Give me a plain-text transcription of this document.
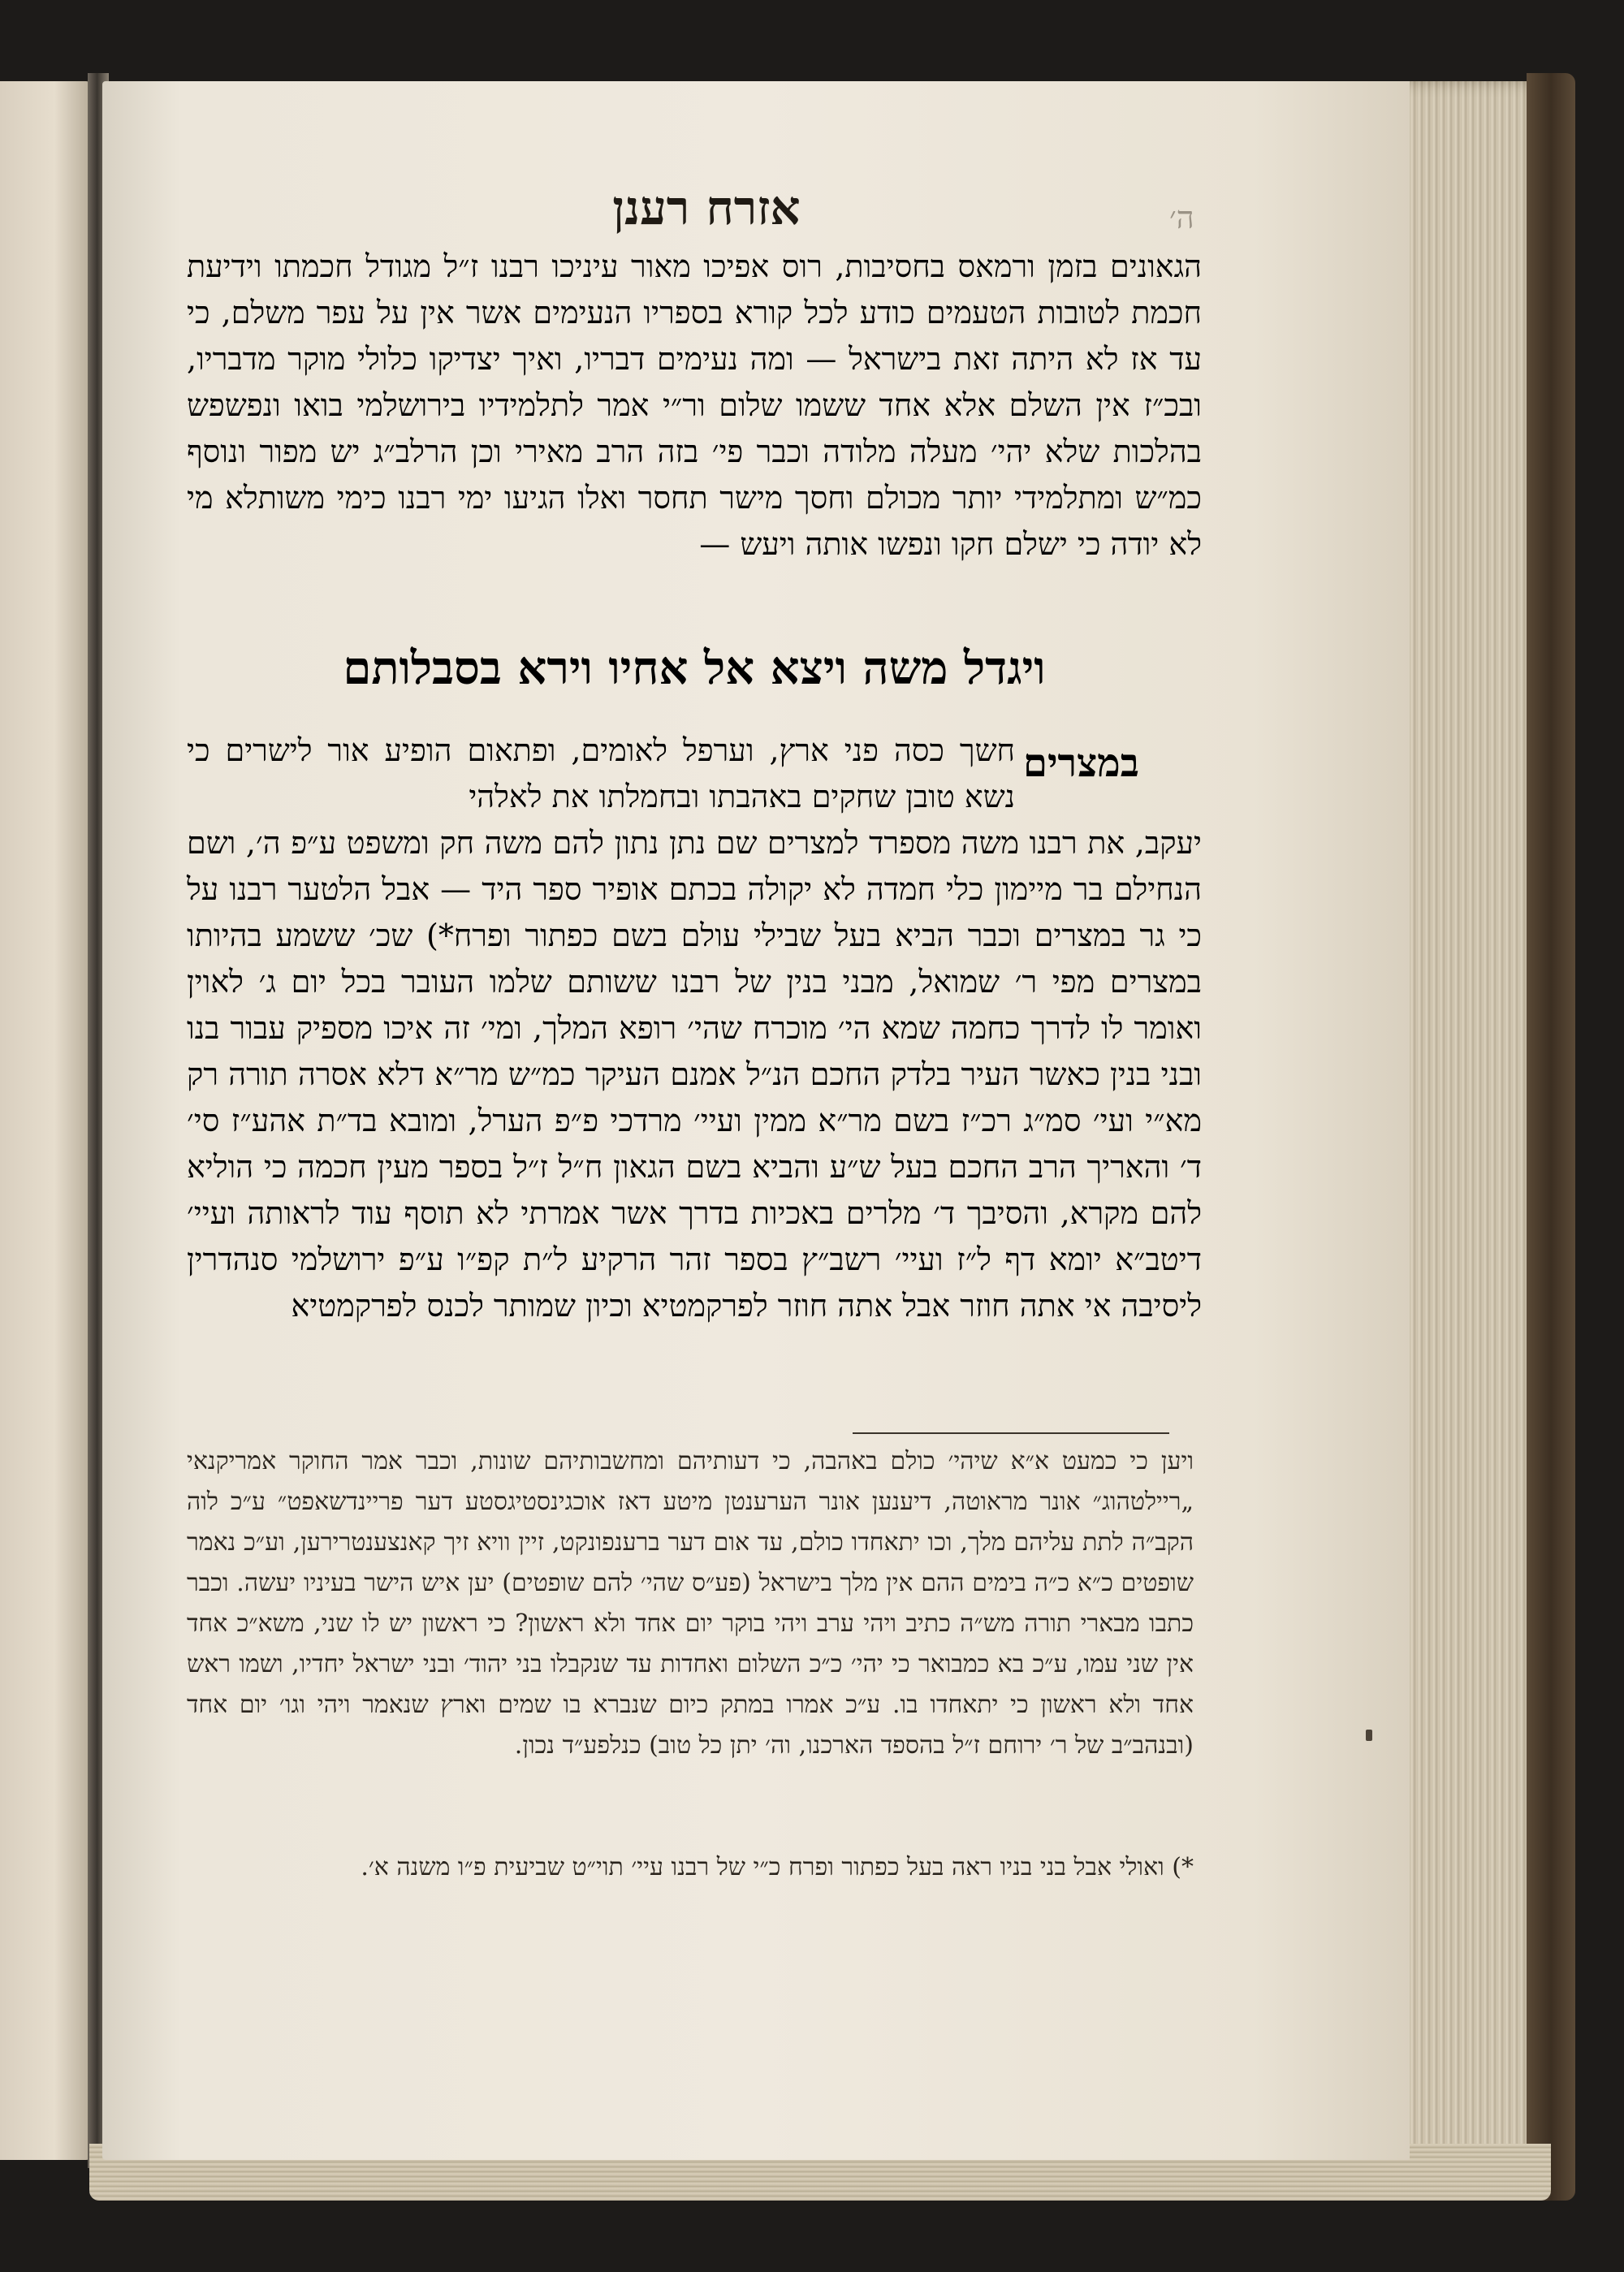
ה׳
אזרח רענן
הגאונים בזמן ורמאס בחסיבות, רוס אפיכו מאור עיניכו רבנו ז״ל מגודל חכמתו וידיעת חכמת לטובות הטעמים כודע לכל קורא בספריו הנעימים אשר אין על עפר משלם, כי עד אז לא היתה זאת בישראל — ומה נעימים דבריו, ואיך יצדיקו כלולי מוקר מדבריו, ובכ״ז אין השלם אלא אחד ששמו שלום ור״י אמר לתלמידיו בירושלמי בואו ונפשפש בהלכות שלא יהי׳ מעלה מלודה וכבר פי׳ בזה הרב מאירי וכן הרלב״ג יש מפור ונוסף כמ״ש ומתלמידי יותר מכולם וחסך מישר תחסר ואלו הגיעו ימי רבנו כימי משותלא מי לא יודה כי ישלם חקו ונפשו אותה ויעש —
ויגדל משה ויצא אל אחיו וירא בסבלותם
במצרים
חשך כסה פני ארץ, וערפל לאומים, ופתאום הופיע אור לישרים כי נשא טובן שחקים באהבתו ובחמלתו את לאלהי
יעקב, את רבנו משה מספרד למצרים שם נתן נתון להם משה חק ומשפט ע״פ ה׳, ושם הנחילם בר מיימון כלי חמדה לא יקולה בכתם אופיר ספר היד — אבל הלטער רבנו על כי גר במצרים וכבר הביא בעל שבילי עולם בשם כפתור ופרח*) שכ׳ ששמע בהיותו במצרים מפי ר׳ שמואל, מבני בנין של רבנו ששותם שלמו העובר בכל יום ג׳ לאוין ואומר לו לדרך כחמה שמא הי׳ מוכרח שהי׳ רופא המלך, ומי׳ זה איכו מספיק עבור בנו ובני בנין כאשר העיר בלדק החכם הנ״ל אמנם העיקר כמ״ש מר״א דלא אסרה תורה רק מא״י ועי׳ סמ״ג רכ״ז בשם מר״א ממין ועיי׳ מרדכי פ״פ הערל, ומובא בד״ת אהע״ז סי׳ ד׳ והאריך הרב החכם בעל ש״ע והביא בשם הגאון ח״ל ז״ל בספר מעין חכמה כי הוליא להם מקרא, והסיבך ד׳ מלרים באכיות בדרך אשר אמרתי לא תוסף עוד לראותה ועיי׳ דיטב״א יומא דף ל״ז ועיי׳ רשב״ץ בספר זהר הרקיע ל״ת קפ״ו ע״פ ירושלמי סנהדרין ליסיבה אי אתה חוזר אבל אתה חוזר לפרקמטיא וכיון שמותר לכנס לפרקמטיא
ויען כי כמעט א״א שיהי׳ כולם באהבה, כי דעותיהם ומחשבותיהם שונות, וכבר אמר החוקר אמריקנאי „ריילטהוג״ אונר מראוטה, דיענען אונר הערענטן מיטע דאז אוכגינסטיגסטע דער פריינדשאפט״ ע״כ לוה הקב״ה לתת עליהם מלך, וכו יתאחדו כולם, עד אום דער ברענפונקט, זיין וויא זיך קאנצענטרירען, וע״כ נאמר שופטים כ״א כ״ה בימים ההם אין מלך בישראל (פע״ס שהי׳ להם שופטים) יען איש הישר בעיניו יעשה. וכבר כתבו מבארי תורה מש״ה כתיב ויהי ערב ויהי בוקר יום אחד ולא ראשון? כי ראשון יש לו שני, משא״כ אחד אין שני עמו, ע״כ בא כמבואר כי יהי׳ כ״כ השלום ואחדות עד שנקבלו בני יהוד׳ ובני ישראל יחדיו, ושמו ראש אחד ולא ראשון כי יתאחדו בו. ע״כ אמרו במתק כיום שנברא בו שמים וארץ שנאמר ויהי וגו׳ יום אחד (ובנהב״ב של ר׳ ירוחם ז״ל בהספד הארכנו, וה׳ יתן כל טוב) כנלפע״ד נכון.
*) ואולי אבל בני בניו ראה בעל כפתור ופרח כ״י של רבנו עיי׳ תוי״ט שביעית פ״ו משנה א׳.
